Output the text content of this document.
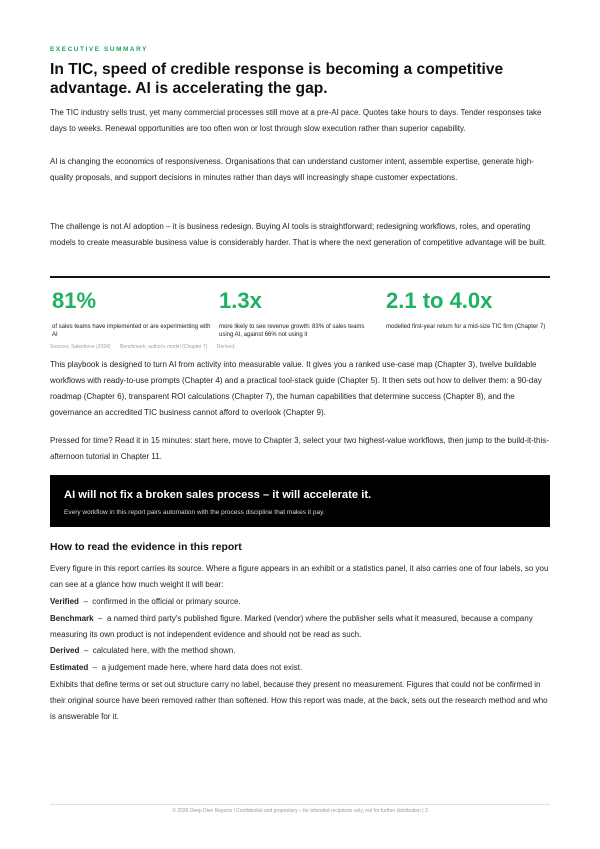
EXECUTIVE SUMMARY
In TIC, speed of credible response is becoming a competitive advantage. AI is accelerating the gap.

The TIC industry sells trust, yet many commercial processes still move at a pre-AI pace. Quotes take hours to days. Tender responses take days to weeks. Renewal opportunities are too often won or lost through slow execution rather than superior capability.

AI is changing the economics of responsiveness. Organisations that can understand customer intent, assemble expertise, generate high-quality proposals, and support decisions in minutes rather than days will increasingly shape customer expectations.

The challenge is not AI adoption – it is business redesign. Buying AI tools is straightforward; redesigning workflows, roles, and operating models to create measurable business value is considerably harder. That is where the next generation of competitive advantage will be built.

81%
of sales teams have implemented or are experimenting with AI
1.3x
more likely to see revenue growth: 83% of sales teams using AI, against 66% not using it
2.1 to 4.0x
modelled first-year return for a mid-size TIC firm (Chapter 7)
Sources: Salesforce (2024) Benchmark; author's model (Chapter 7) Derived.

This playbook is designed to turn AI from activity into measurable value. It gives you a ranked use-case map (Chapter 3), twelve buildable workflows with ready-to-use prompts (Chapter 4) and a practical tool-stack guide (Chapter 5). It then sets out how to deliver them: a 90-day roadmap (Chapter 6), transparent ROI calculations (Chapter 7), the human capabilities that determine success (Chapter 8), and the governance an accredited TIC business cannot afford to overlook (Chapter 9).

Pressed for time? Read it in 15 minutes: start here, move to Chapter 3, select your two highest-value workflows, then jump to the build-it-this-afternoon tutorial in Chapter 11.

AI will not fix a broken sales process – it will accelerate it.
Every workflow in this report pairs automation with the process discipline that makes it pay.
How to read the evidence in this report

Every figure in this report carries its source. Where a figure appears in an exhibit or a statistics panel, it also carries one of four labels, so you can see at a glance how much weight it will bear:

Verified – confirmed in the official or primary source.

Benchmark – a named third party's published figure. Marked (vendor) where the publisher sells what it measured, because a company measuring its own product is not independent evidence and should not be read as such.

Derived – calculated here, with the method shown.

Estimated – a judgement made here, where hard data does not exist.

Exhibits that define terms or set out structure carry no label, because they present no measurement. Figures that could not be confirmed in their original source have been removed rather than softened. How this report was made, at the back, sets out the research method and who is answerable for it.

© 2026 Deep Dive Reports | Confidential and proprietary – for intended recipients only, not for further distribution | 3
